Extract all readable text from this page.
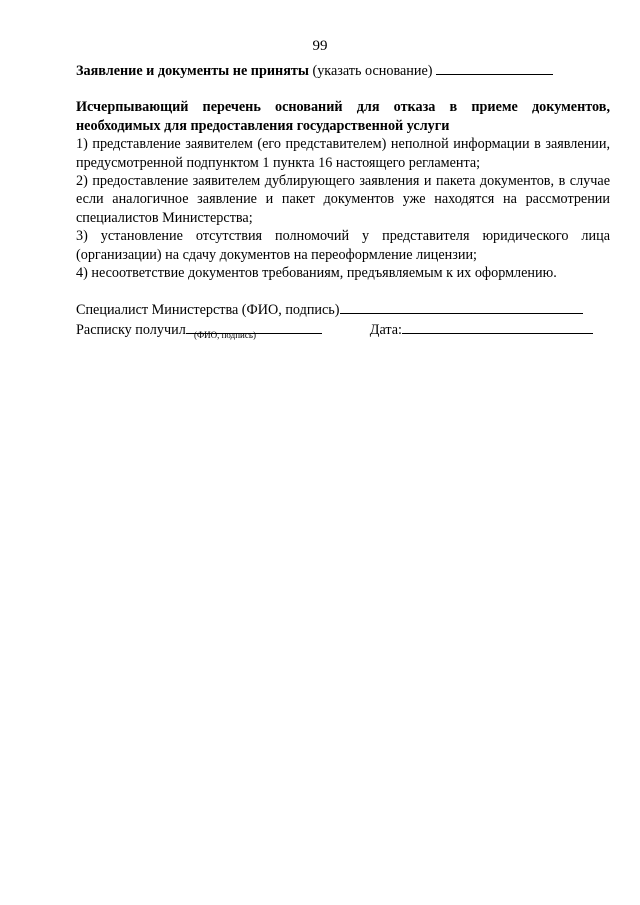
99

Заявление и документы не приняты (указать основание)

Исчерпывающий перечень оснований для отказа в приеме документов, необходимых для предоставления государственной услуги

1) представление заявителем (его представителем) неполной информации в заявлении, предусмотренной подпунктом 1 пункта 16 настоящего регламента;

2) предоставление заявителем дублирующего заявления и пакета документов, в случае если аналогичное заявление и пакет документов уже находятся на рассмотрении специалистов Министерства;

3) установление отсутствия полномочий у представителя юридического лица (организации) на сдачу документов на переоформление лицензии;

4) несоответствие документов требованиям, предъявляемым к их оформлению.

Специалист Министерства (ФИО, подпись)
Расписку получил	Дата:
(ФИО, подпись)
